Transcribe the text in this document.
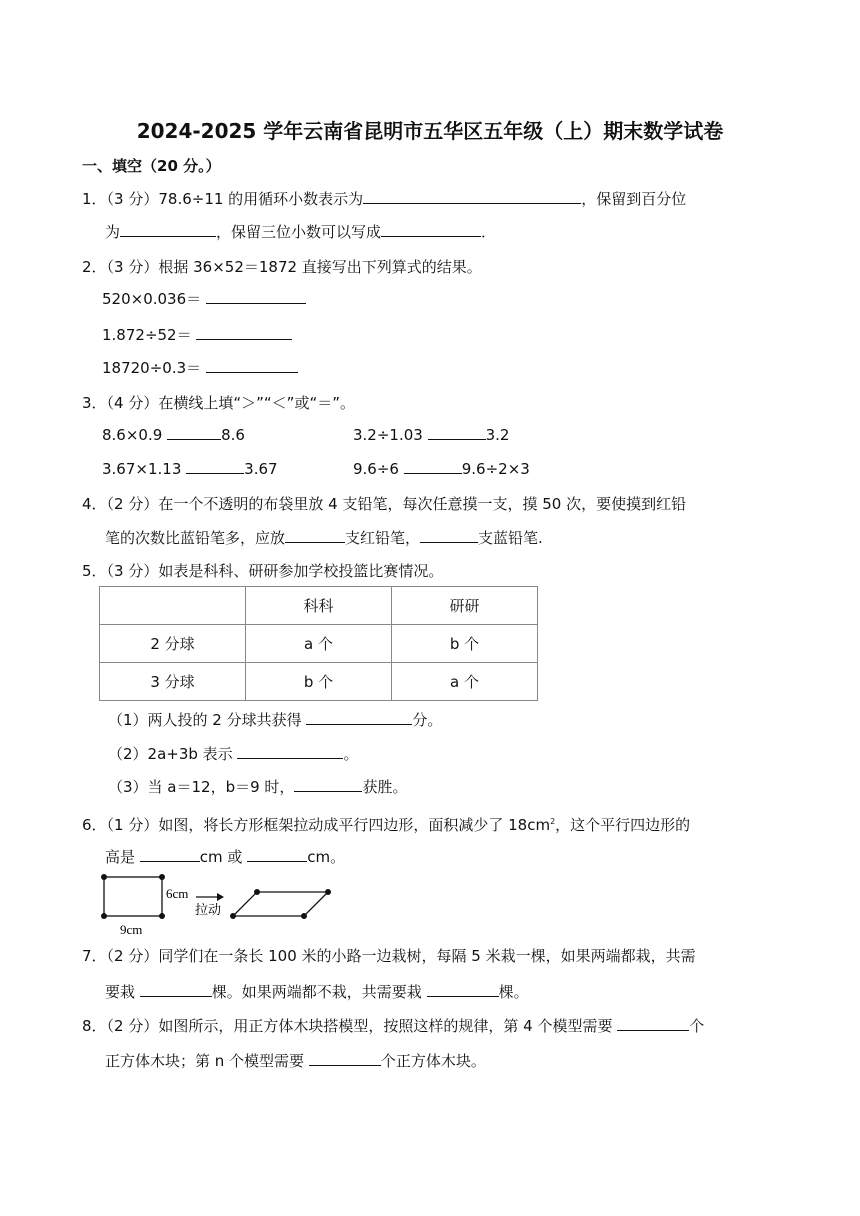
2024-2025 学年云南省昆明市五华区五年级（上）期末数学试卷
一、填空（20 分。）
1．（3 分）78.6÷11 的用循环小数表示为	，保留到百分位
为	，保留三位小数可以写成	．
2．（3 分）根据 36×52＝1872 直接写出下列算式的结果。
520×0.036＝
1.872÷52＝
18720÷0.3＝
3．（4 分）在横线上填“＞”“＜”或“＝”。
8.6×0.9	8.6	3.2÷1.03	3.2
3.67×1.13	3.67	9.6÷6	9.6÷2×3
4．（2 分）在一个不透明的布袋里放 4 支铅笔，每次任意摸一支，摸 50 次，要使摸到红铅
笔的次数比蓝铅笔多，应放	支红铅笔，	支蓝铅笔.
5．（3 分）如表是科科、研研参加学校投篮比赛情况。
	科科	研研
2 分球	a 个	b 个
3 分球	b 个	a 个
（1）两人投的 2 分球共获得	分。
（2）2a+3b 表示	。
（3）当 a＝12，b＝9 时，	获胜。
6．（1 分）如图，将长方形框架拉动成平行四边形，面积减少了 $18cm^2$，这个平行四边形的
高是	cm 或	cm。
6cm
拉动
9cm
7．（2 分）同学们在一条长 100 米的小路一边栽树，每隔 5 米栽一棵，如果两端都栽，共需
要栽	棵。如果两端都不栽，共需要栽	棵。
8．（2 分）如图所示，用正方体木块搭模型，按照这样的规律，第 4 个模型需要	个
正方体木块；第 n 个模型需要	个正方体木块。
